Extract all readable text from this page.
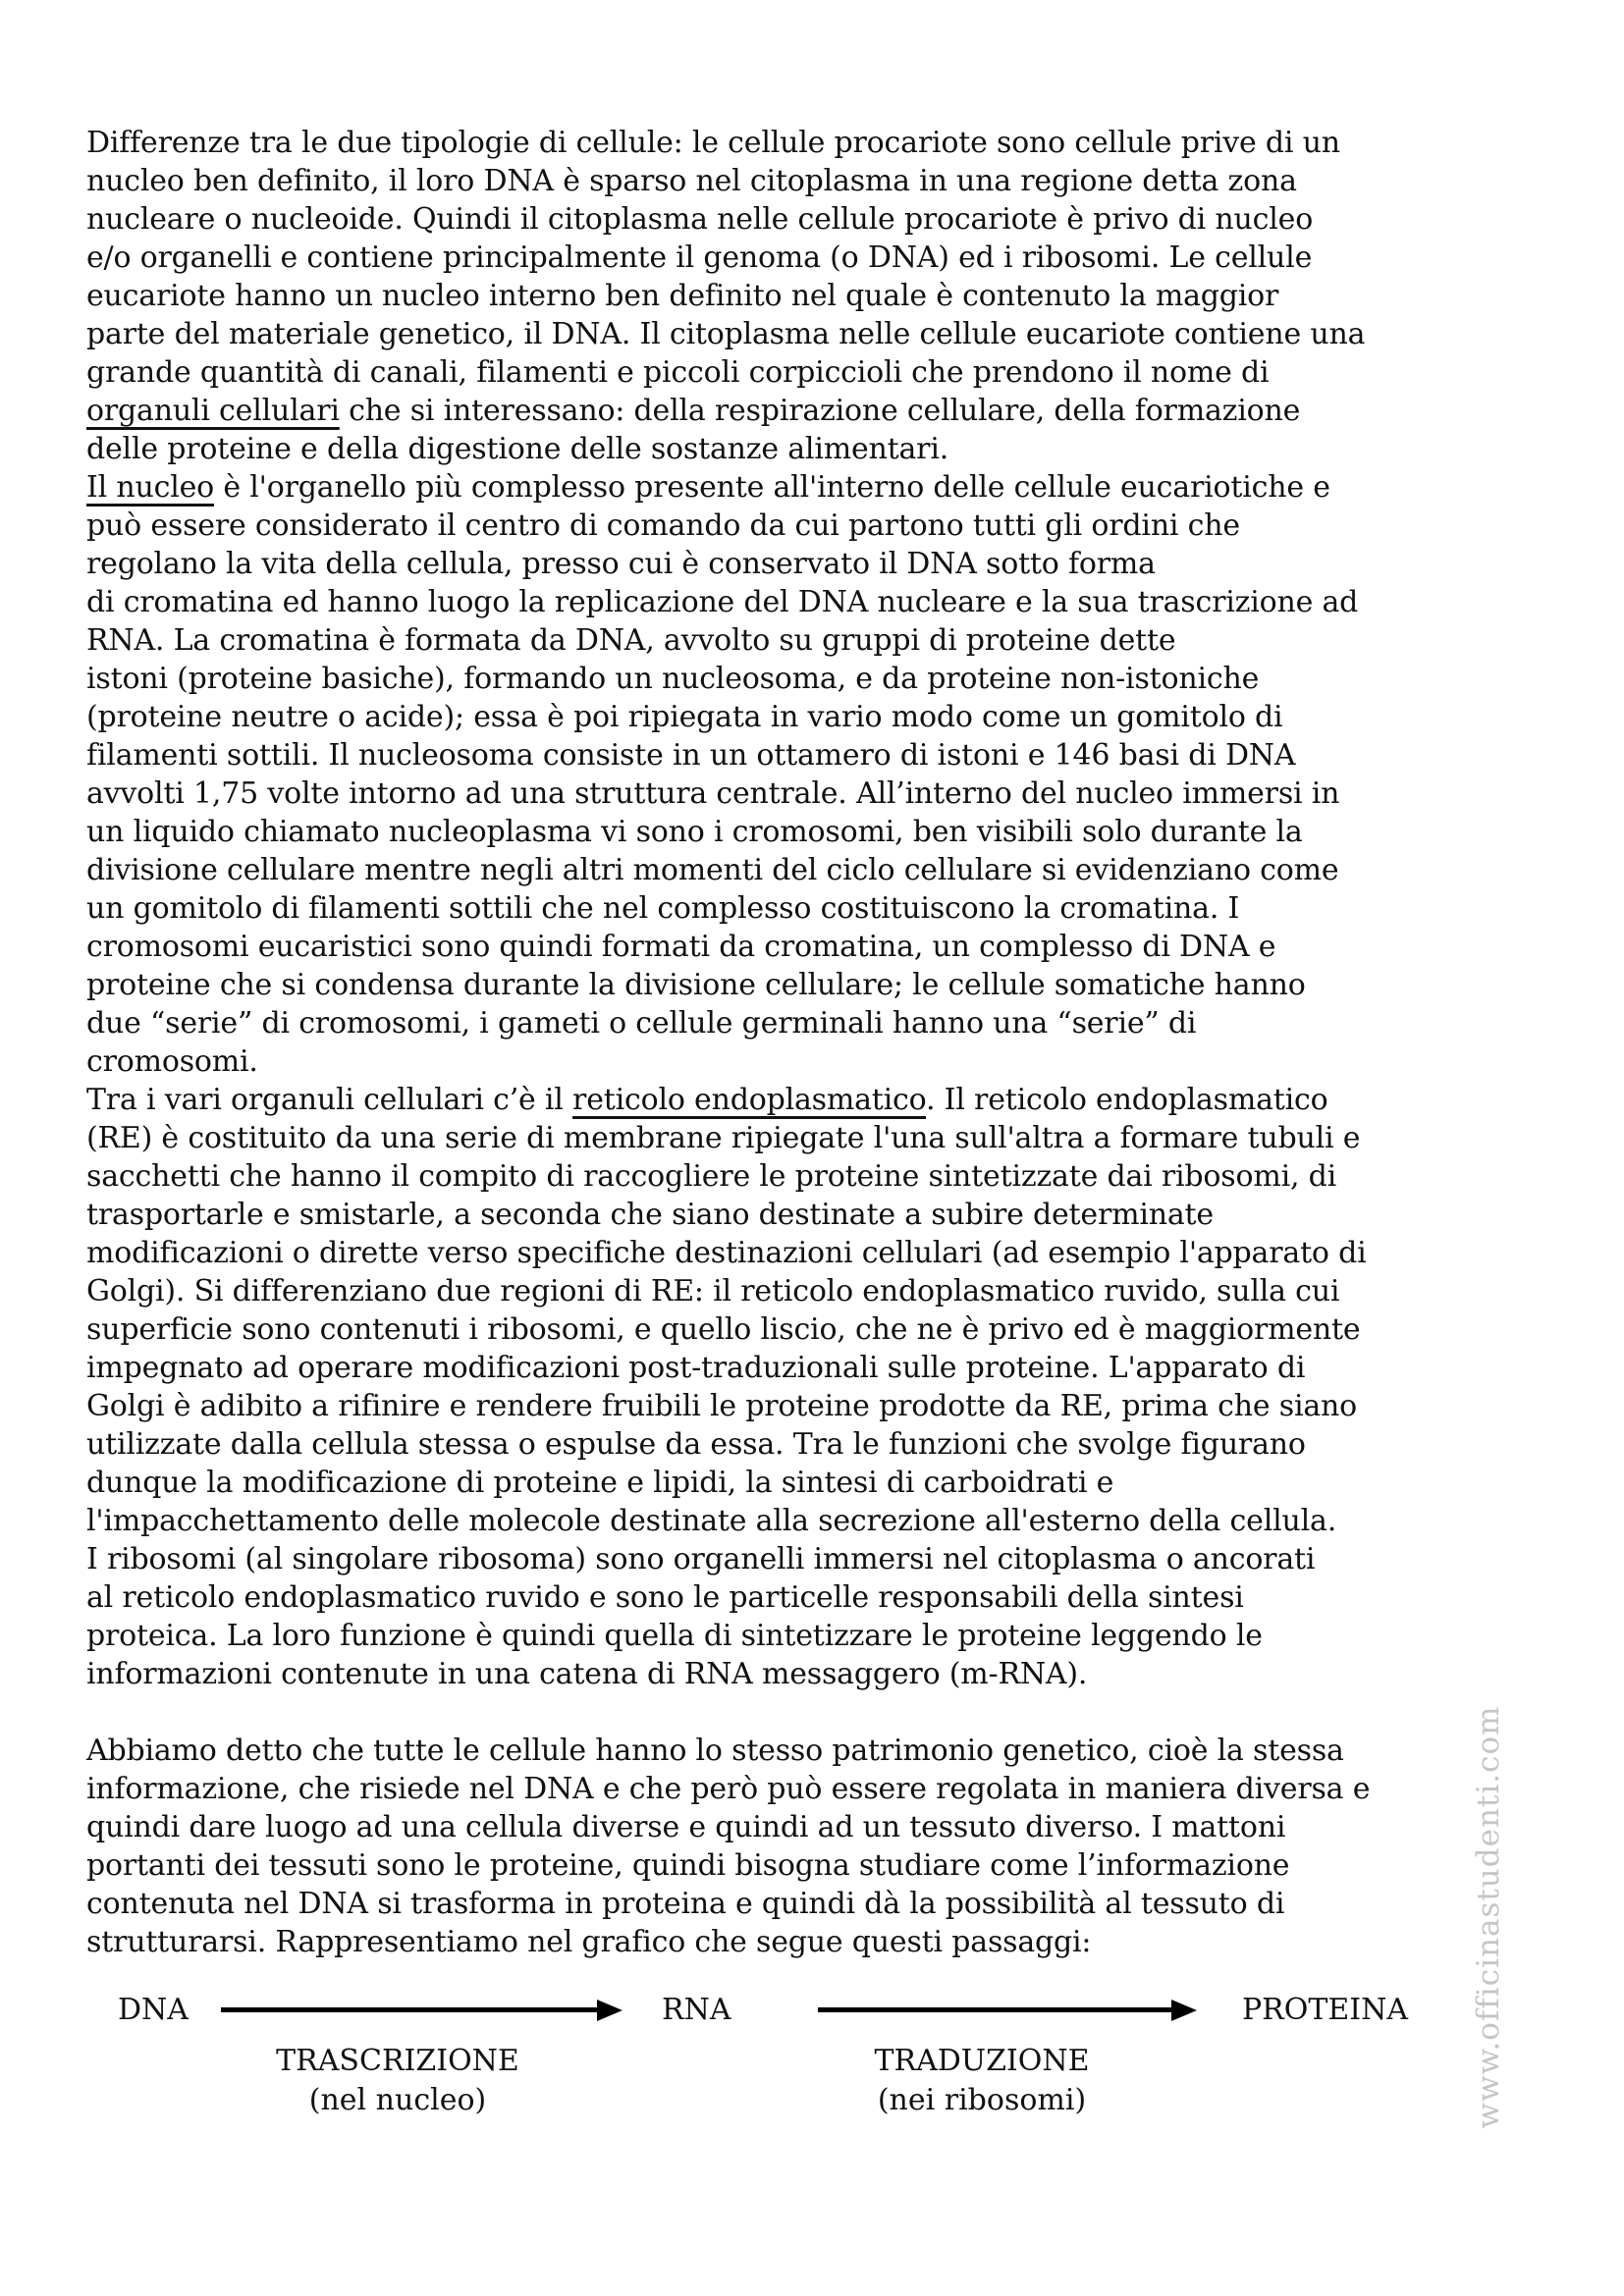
Differenze tra le due tipologie di cellule: le cellule procariote sono cellule prive di un
nucleo ben definito, il loro DNA è sparso nel citoplasma in una regione detta zona
nucleare o nucleoide. Quindi il citoplasma nelle cellule procariote è privo di nucleo
e/o organelli e contiene principalmente il genoma (o DNA) ed i ribosomi. Le cellule
eucariote hanno un nucleo interno ben definito nel quale è contenuto la maggior
parte del materiale genetico, il DNA. Il citoplasma nelle cellule eucariote contiene una
grande quantità di canali, filamenti e piccoli corpiccioli che prendono il nome di
organuli cellulari che si interessano: della respirazione cellulare, della formazione
delle proteine e della digestione delle sostanze alimentari.
Il nucleo è l'organello più complesso presente all'interno delle cellule eucariotiche e
può essere considerato il centro di comando da cui partono tutti gli ordini che
regolano la vita della cellula, presso cui è conservato il DNA sotto forma
di cromatina ed hanno luogo la replicazione del DNA nucleare e la sua trascrizione ad
RNA. La cromatina è formata da DNA, avvolto su gruppi di proteine dette
istoni (proteine basiche), formando un nucleosoma, e da proteine non-istoniche
(proteine neutre o acide); essa è poi ripiegata in vario modo come un gomitolo di
filamenti sottili. Il nucleosoma consiste in un ottamero di istoni e 146 basi di DNA
avvolti 1,75 volte intorno ad una struttura centrale. All’interno del nucleo immersi in
un liquido chiamato nucleoplasma vi sono i cromosomi, ben visibili solo durante la
divisione cellulare mentre negli altri momenti del ciclo cellulare si evidenziano come
un gomitolo di filamenti sottili che nel complesso costituiscono la cromatina. I
cromosomi eucaristici sono quindi formati da cromatina, un complesso di DNA e
proteine che si condensa durante la divisione cellulare; le cellule somatiche hanno
due “serie” di cromosomi, i gameti o cellule germinali hanno una “serie” di
cromosomi.
Tra i vari organuli cellulari c’è il reticolo endoplasmatico. Il reticolo endoplasmatico
(RE) è costituito da una serie di membrane ripiegate l'una sull'altra a formare tubuli e
sacchetti che hanno il compito di raccogliere le proteine sintetizzate dai ribosomi, di
trasportarle e smistarle, a seconda che siano destinate a subire determinate
modificazioni o dirette verso specifiche destinazioni cellulari (ad esempio l'apparato di
Golgi). Si differenziano due regioni di RE: il reticolo endoplasmatico ruvido, sulla cui
superficie sono contenuti i ribosomi, e quello liscio, che ne è privo ed è maggiormente
impegnato ad operare modificazioni post-traduzionali sulle proteine. L'apparato di
Golgi è adibito a rifinire e rendere fruibili le proteine prodotte da RE, prima che siano
utilizzate dalla cellula stessa o espulse da essa. Tra le funzioni che svolge figurano
dunque la modificazione di proteine e lipidi, la sintesi di carboidrati e
l'impacchettamento delle molecole destinate alla secrezione all'esterno della cellula.
I ribosomi (al singolare ribosoma) sono organelli immersi nel citoplasma o ancorati
al reticolo endoplasmatico ruvido e sono le particelle responsabili della sintesi
proteica. La loro funzione è quindi quella di sintetizzare le proteine leggendo le
informazioni contenute in una catena di RNA messaggero (m-RNA).
Abbiamo detto che tutte le cellule hanno lo stesso patrimonio genetico, cioè la stessa
informazione, che risiede nel DNA e che però può essere regolata in maniera diversa e
quindi dare luogo ad una cellula diverse e quindi ad un tessuto diverso. I mattoni
portanti dei tessuti sono le proteine, quindi bisogna studiare come l’informazione
contenuta nel DNA si trasforma in proteina e quindi dà la possibilità al tessuto di
strutturarsi. Rappresentiamo nel grafico che segue questi passaggi:
DNA	RNA	PROTEINA
TRASCRIZIONE
(nel nucleo)
TRADUZIONE
(nei ribosomi)	www.officinastudenti.com
